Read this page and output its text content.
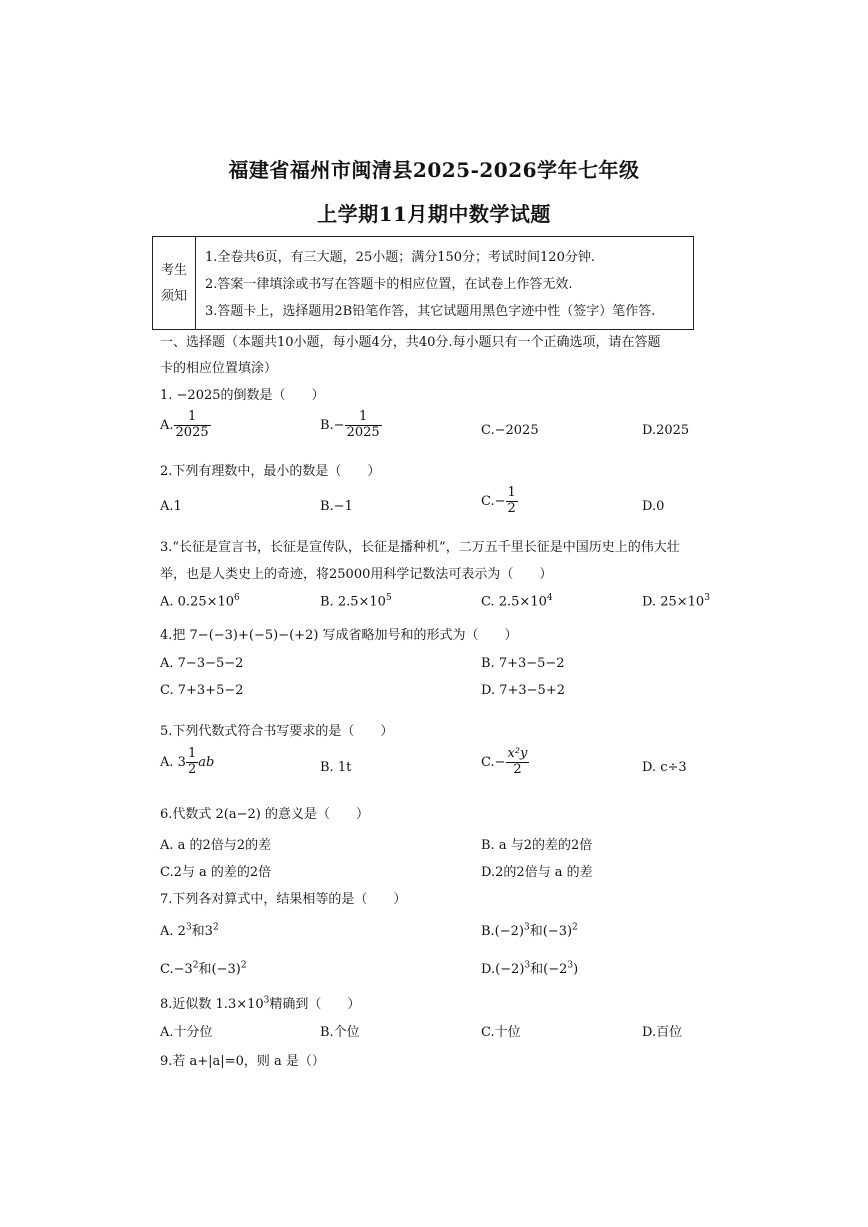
福建省福州市闽清县2025-2026学年七年级
上学期11月期中数学试题
考生
须知
1.全卷共6页，有三大题，25小题；满分150分；考试时间120分钟.
2.答案一律填涂或书写在答题卡的相应位置，在试卷上作答无效.
3.答题卡上，选择题用2B铅笔作答，其它试题用黑色字迹中性（签字）笔作答.
一、选择题（本题共10小题，每小题4分，共40分.每小题只有一个正确选项，请在答题
卡的相应位置填涂）
1. −2025的倒数是（　　）
A. $\frac{1}{2025}$	$B.- \frac{1}{2025}$	C.−2025	D.2025
2.下列有理数中，最小的数是（　　）
A.1	B.−1	$C.- \frac{1}{2}$	D.0
3.“长征是宣言书，长征是宣传队，长征是播种机”，二万五千里长征是中国历史上的伟大壮
举，也是人类史上的奇迹，将25000用科学记数法可表示为（　　）
A. $0.25\times 10^6$	B. $2.5\times 10^5$	C. $2.5\times 10^4$	D. $25\times 10^3$
4.把 7−(−3)+(−5)−(+2) 写成省略加号和的形式为（　　）
A. 7−3−5−2	B. 7+3−5−2
C. 7+3+5−2	D. 7+3−5+2
5.下列代数式符合书写要求的是（　　）
A. $3 \frac{1}{2}$ ab	B. 1t	$C.- \frac{\text{x²y}}{2}$	D. c÷3
6.代数式 2(a−2) 的意义是（　　）
A. a 的2倍与2的差	B. a 与2的差的2倍
C.2与 a 的差的2倍	D.2的2倍与 a 的差
7.下列各对算式中，结果相等的是（　　）
A. $2^3$和$3^2$	$B.(-2)^3$和$(-3)^2$
$C.-3^2$和$(-3)^2$	$D.(-2)^3$和$(-2^3)$
8.近似数 $1.3\times 10^3$精确到（　　）
A.十分位	B.个位	C.十位	D.百位
9.若 a+|a|=0，则 a 是（）
